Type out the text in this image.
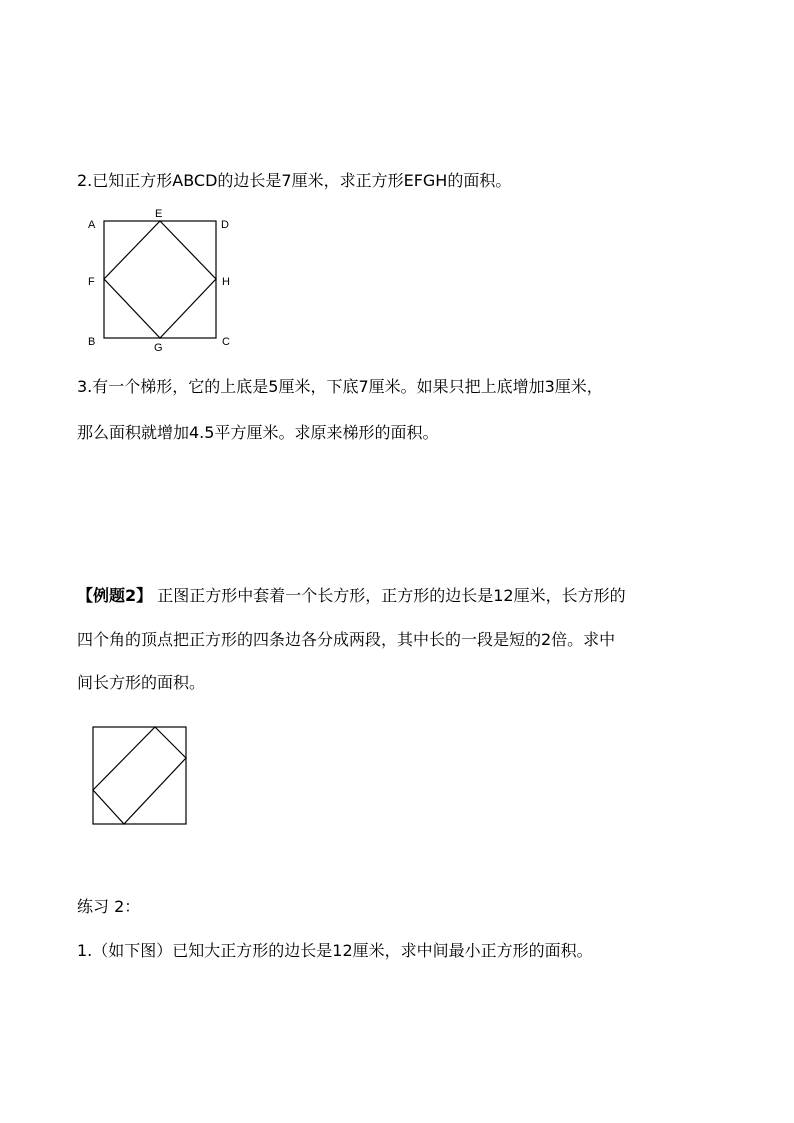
2.已知正方形ABCD的边长是7厘米，求正方形EFGH的面积。

A
E
D
F	H
B	G	C

3.有一个梯形，它的上底是5厘米，下底7厘米。如果只把上底增加3厘米，

那么面积就增加4.5平方厘米。求原来梯形的面积。

【例题2】 正图正方形中套着一个长方形，正方形的边长是12厘米，长方形的

四个角的顶点把正方形的四条边各分成两段，其中长的一段是短的2倍。求中

间长方形的面积。

练习 2：

1.（如下图）已知大正方形的边长是12厘米，求中间最小正方形的面积。
